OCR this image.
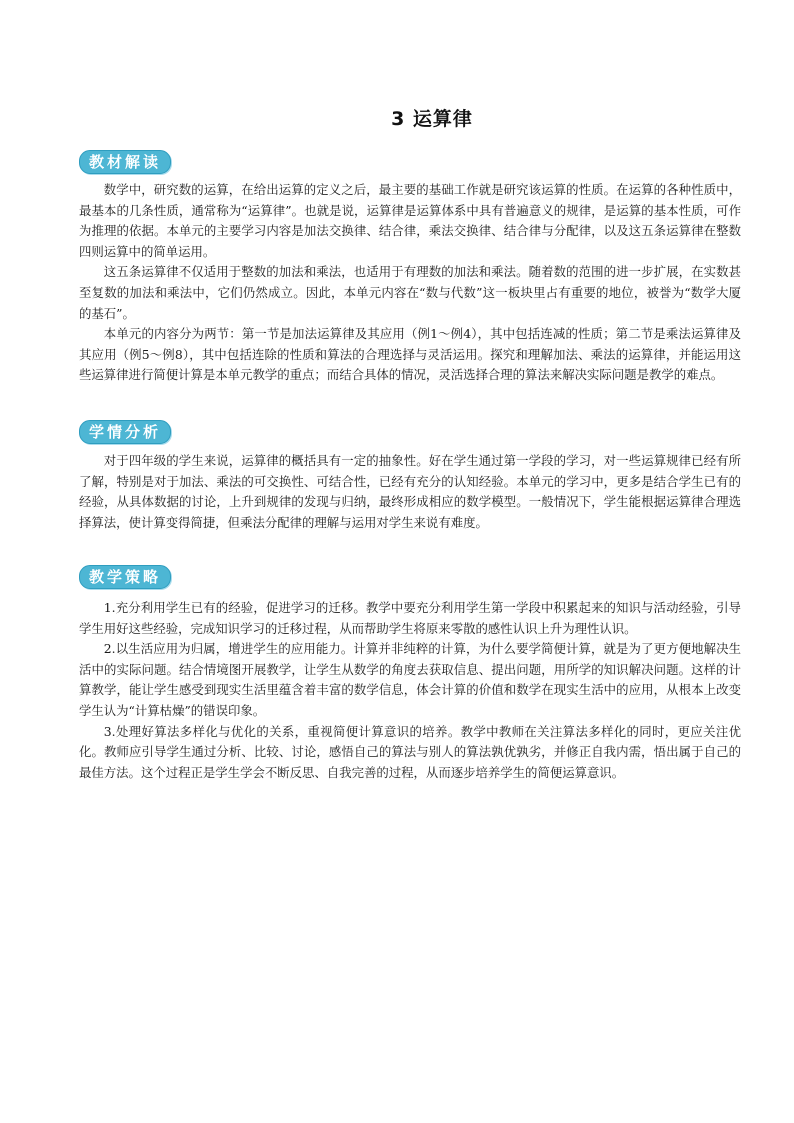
3 运算律
教材解读

数学中，研究数的运算，在给出运算的定义之后，最主要的基础工作就是研究该运算的性质。在运算的各种性质中，最基本的几条性质，通常称为“运算律”。也就是说，运算律是运算体系中具有普遍意义的规律，是运算的基本性质，可作为推理的依据。本单元的主要学习内容是加法交换律、结合律，乘法交换律、结合律与分配律，以及这五条运算律在整数四则运算中的简单运用。

这五条运算律不仅适用于整数的加法和乘法，也适用于有理数的加法和乘法。随着数的范围的进一步扩展，在实数甚至复数的加法和乘法中，它们仍然成立。因此，本单元内容在“数与代数”这一板块里占有重要的地位，被誉为“数学大厦的基石”。

本单元的内容分为两节：第一节是加法运算律及其应用（例1～例4），其中包括连减的性质；第二节是乘法运算律及其应用（例5～例8），其中包括连除的性质和算法的合理选择与灵活运用。探究和理解加法、乘法的运算律，并能运用这些运算律进行简便计算是本单元教学的重点；而结合具体的情况，灵活选择合理的算法来解决实际问题是教学的难点。

学情分析

对于四年级的学生来说，运算律的概括具有一定的抽象性。好在学生通过第一学段的学习，对一些运算规律已经有所了解，特别是对于加法、乘法的可交换性、可结合性，已经有充分的认知经验。本单元的学习中，更多是结合学生已有的经验，从具体数据的讨论，上升到规律的发现与归纳，最终形成相应的数学模型。一般情况下，学生能根据运算律合理选择算法，使计算变得简捷，但乘法分配律的理解与运用对学生来说有难度。

教学策略

1.充分利用学生已有的经验，促进学习的迁移。教学中要充分利用学生第一学段中积累起来的知识与活动经验，引导学生用好这些经验，完成知识学习的迁移过程，从而帮助学生将原来零散的感性认识上升为理性认识。

2.以生活应用为归属，增进学生的应用能力。计算并非纯粹的计算，为什么要学简便计算，就是为了更方便地解决生活中的实际问题。结合情境图开展教学，让学生从数学的角度去获取信息、提出问题，用所学的知识解决问题。这样的计算教学，能让学生感受到现实生活里蕴含着丰富的数学信息，体会计算的价值和数学在现实生活中的应用，从根本上改变学生认为“计算枯燥”的错误印象。

3.处理好算法多样化与优化的关系，重视简便计算意识的培养。教学中教师在关注算法多样化的同时，更应关注优化。教师应引导学生通过分析、比较、讨论，感悟自己的算法与别人的算法孰优孰劣，并修正自我内需，悟出属于自己的最佳方法。这个过程正是学生学会不断反思、自我完善的过程，从而逐步培养学生的简便运算意识。
